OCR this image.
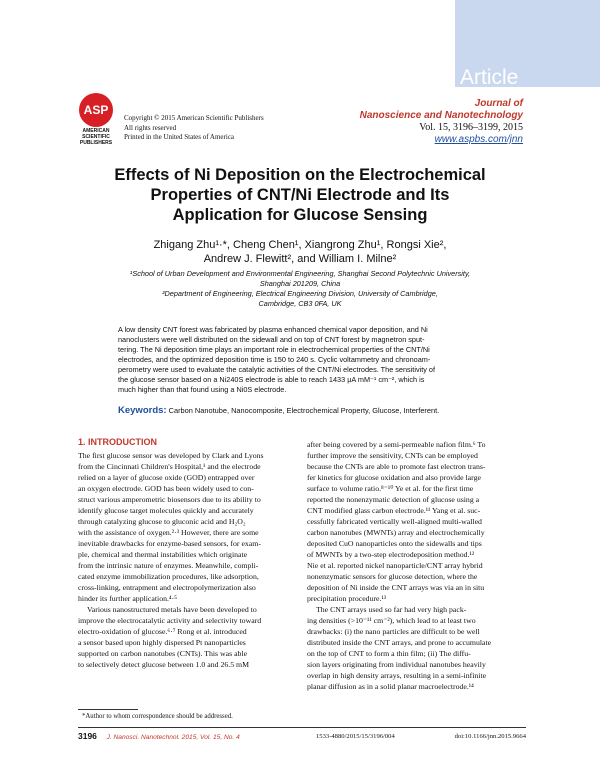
Article
ASP
AMERICAN
SCIENTIFIC
PUBLISHERS
Copyright © 2015 American Scientific Publishers
All rights reserved
Printed in the United States of America
Journal of
Nanoscience and Nanotechnology
Vol. 15, 3196–3199, 2015
www.aspbs.com/jnn
Effects of Ni Deposition on the Electrochemical
Properties of CNT/Ni Electrode and Its
Application for Glucose Sensing
Zhigang Zhu¹·*, Cheng Chen¹, Xiangrong Zhu¹, Rongsi Xie²,
Andrew J. Flewitt², and William I. Milne²
¹School of Urban Development and Environmental Engineering, Shanghai Second Polytechnic University,
Shanghai 201209, China
²Department of Engineering, Electrical Engineering Division, University of Cambridge,
Cambridge, CB3 0FA, UK
A low density CNT forest was fabricated by plasma enhanced chemical vapor deposition, and Ni
nanoclusters were well distributed on the sidewall and on top of CNT forest by magnetron sput-
tering. The Ni deposition time plays an important role in electrochemical properties of the CNT/Ni
electrodes, and the optimized deposition time is 150 to 240 s. Cyclic voltammetry and chronoam-
perometry were used to evaluate the catalytic activities of the CNT/Ni electrodes. The sensitivity of
the glucose sensor based on a Ni240S electrode is able to reach 1433 μA mM⁻¹ cm⁻², which is
much higher than that found using a Ni0S electrode.
Keywords: Carbon Nanotube, Nanocomposite, Electrochemical Property, Glucose, Interferent.
1. INTRODUCTION
The first glucose sensor was developed by Clark and Lyons
from the Cincinnati Children's Hospital,¹ and the electrode
relied on a layer of glucose oxide (GOD) entrapped over
an oxygen electrode. GOD has been widely used to con-
struct various amperometric biosensors due to its ability to
identify glucose target molecules quickly and accurately
through catalyzing glucose to gluconic acid and H₂O₂
with the assistance of oxygen.²·³ However, there are some
inevitable drawbacks for enzyme-based sensors, for exam-
ple, chemical and thermal instabilities which originate
from the intrinsic nature of enzymes. Meanwhile, compli-
cated enzyme immobilization procedures, like adsorption,
cross-linking, entrapment and electropolymerization also
hinder its further application.⁴·⁵
Various nanostructured metals have been developed to
improve the electrocatalytic activity and selectivity toward
electro-oxidation of glucose.⁶·⁷ Rong et al. introduced
a sensor based upon highly dispersed Pt nanoparticles
supported on carbon nanotubes (CNTs). This was able
to selectively detect glucose between 1.0 and 26.5 mM
after being covered by a semi-permeable nafion film.⁶ To
further improve the sensitivity, CNTs can be employed
because the CNTs are able to promote fast electron trans-
fer kinetics for glucose oxidation and also provide large
surface to volume ratio.⁸⁻¹⁰ Ye et al. for the first time
reported the nonenzymatic detection of glucose using a
CNT modified glass carbon electrode.¹¹ Yang et al. suc-
cessfully fabricated vertically well-aligned multi-walled
carbon nanotubes (MWNTs) array and electrochemically
deposited CuO nanoparticles onto the sidewalls and tips
of MWNTs by a two-step electrodeposition method.¹²
Nie et al. reported nickel nanoparticle/CNT array hybrid
nonenzymatic sensors for glucose detection, where the
deposition of Ni inside the CNT arrays was via an in situ
precipitation procedure.¹³
The CNT arrays used so far had very high pack-
ing densities (>10⁻¹¹ cm⁻²), which lead to at least two
drawbacks: (i) the nano particles are difficult to be well
distributed inside the CNT arrays, and prone to accumulate
on the top of CNT to form a thin film; (ii) The diffu-
sion layers originating from individual nanotubes heavily
overlap in high density arrays, resulting in a semi-infinite
planar diffusion as in a solid planar macroelectrode.¹⁴
*Author to whom correspondence should be addressed.
3196 J. Nanosci. Nanotechnol. 2015, Vol. 15, No. 4	1533-4880/2015/15/3196/004	doi:10.1166/jnn.2015.9664
